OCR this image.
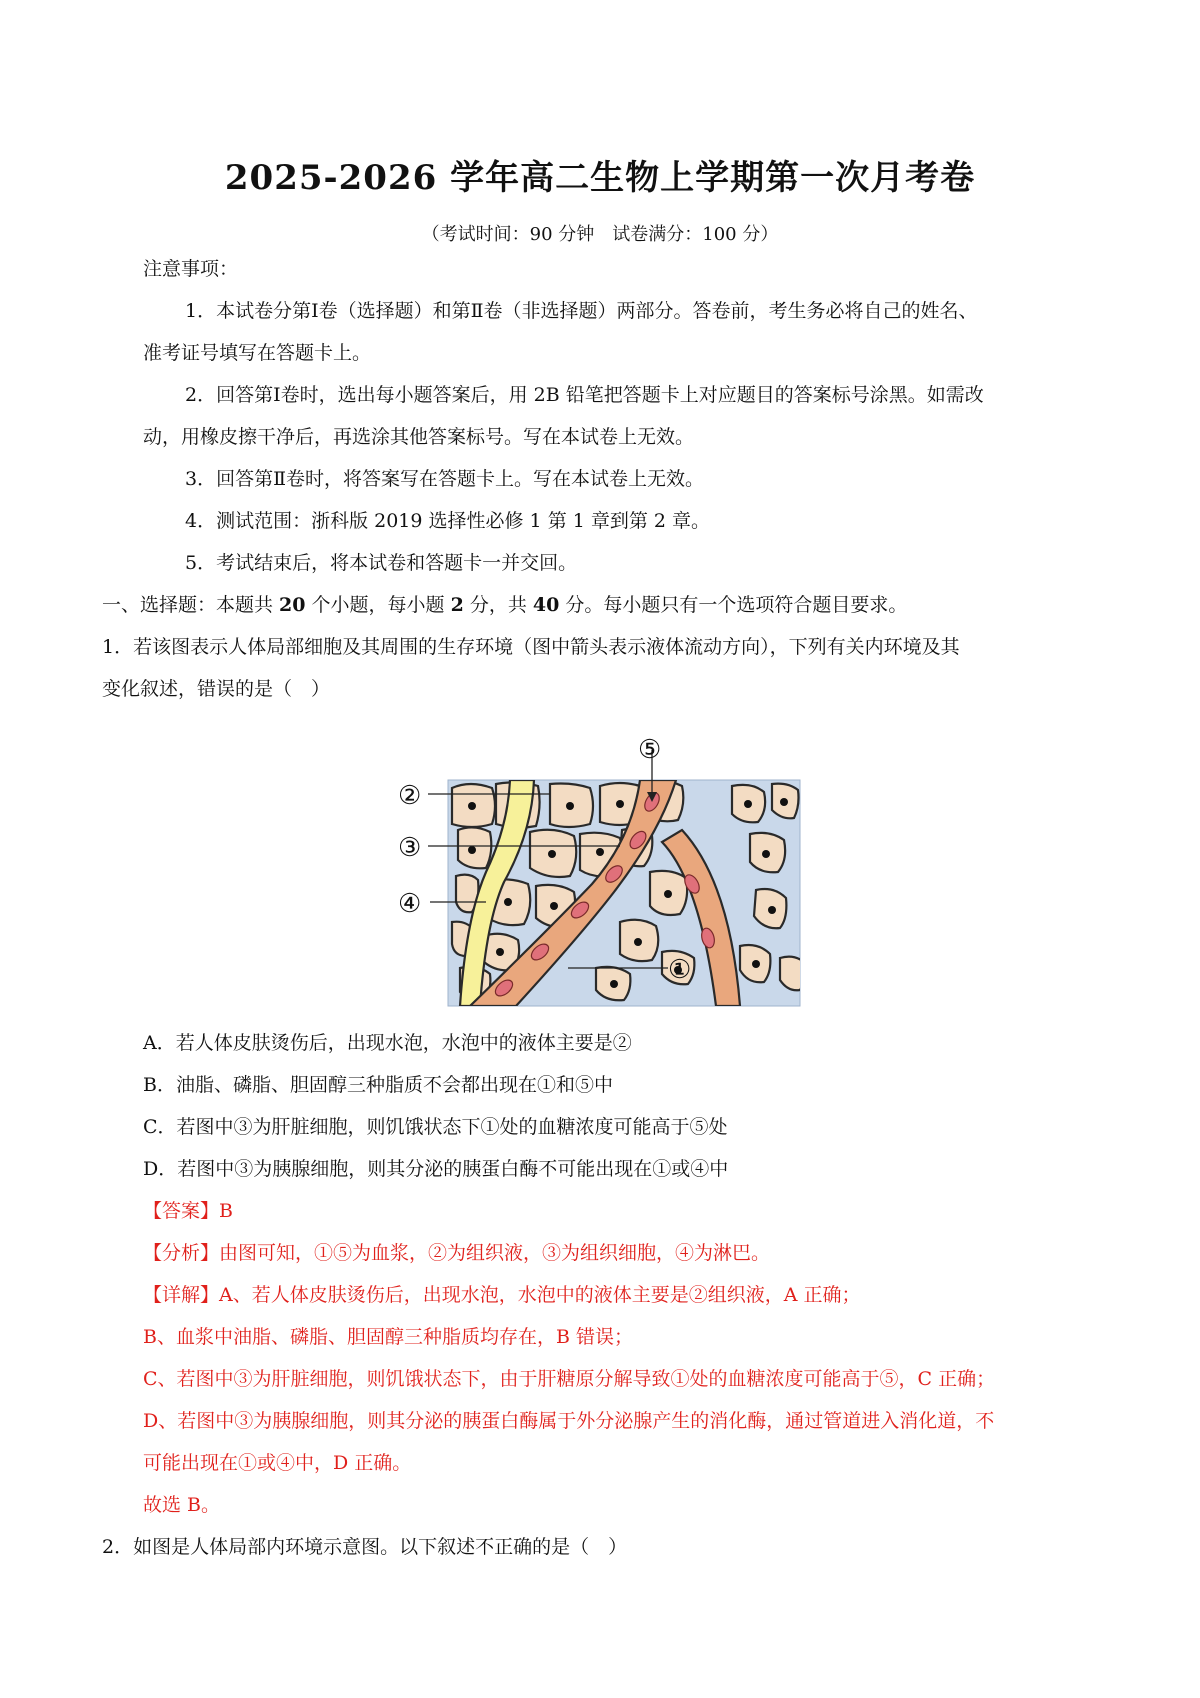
2025-2026 学年高二生物上学期第一次月考卷
（考试时间：90 分钟　试卷满分：100 分）
注意事项：
1．本试卷分第Ⅰ卷（选择题）和第Ⅱ卷（非选择题）两部分。答卷前，考生务必将自己的姓名、
准考证号填写在答题卡上。
2．回答第Ⅰ卷时，选出每小题答案后，用 2B 铅笔把答题卡上对应题目的答案标号涂黑。如需改
动，用橡皮擦干净后，再选涂其他答案标号。写在本试卷上无效。
3．回答第Ⅱ卷时，将答案写在答题卡上。写在本试卷上无效。
4．测试范围：浙科版 2019 选择性必修 1 第 1 章到第 2 章。
5．考试结束后，将本试卷和答题卡一并交回。
一、选择题：本题共 20 个小题，每小题 2 分，共 40 分。每小题只有一个选项符合题目要求。
1．若该图表示人体局部细胞及其周围的生存环境（图中箭头表示液体流动方向），下列有关内环境及其
变化叙述，错误的是（　）
⑤
②
③
④
①
A．若人体皮肤烫伤后，出现水泡，水泡中的液体主要是②
B．油脂、磷脂、胆固醇三种脂质不会都出现在①和⑤中
C．若图中③为肝脏细胞，则饥饿状态下①处的血糖浓度可能高于⑤处
D．若图中③为胰腺细胞，则其分泌的胰蛋白酶不可能出现在①或④中
【答案】B
【分析】由图可知，①⑤为血浆，②为组织液，③为组织细胞，④为淋巴。
【详解】A、若人体皮肤烫伤后，出现水泡，水泡中的液体主要是②组织液，A 正确；
B、血浆中油脂、磷脂、胆固醇三种脂质均存在，B 错误；
C、若图中③为肝脏细胞，则饥饿状态下，由于肝糖原分解导致①处的血糖浓度可能高于⑤，C 正确；
D、若图中③为胰腺细胞，则其分泌的胰蛋白酶属于外分泌腺产生的消化酶，通过管道进入消化道，不
可能出现在①或④中，D 正确。
故选 B。
2．如图是人体局部内环境示意图。以下叙述不正确的是（　）
